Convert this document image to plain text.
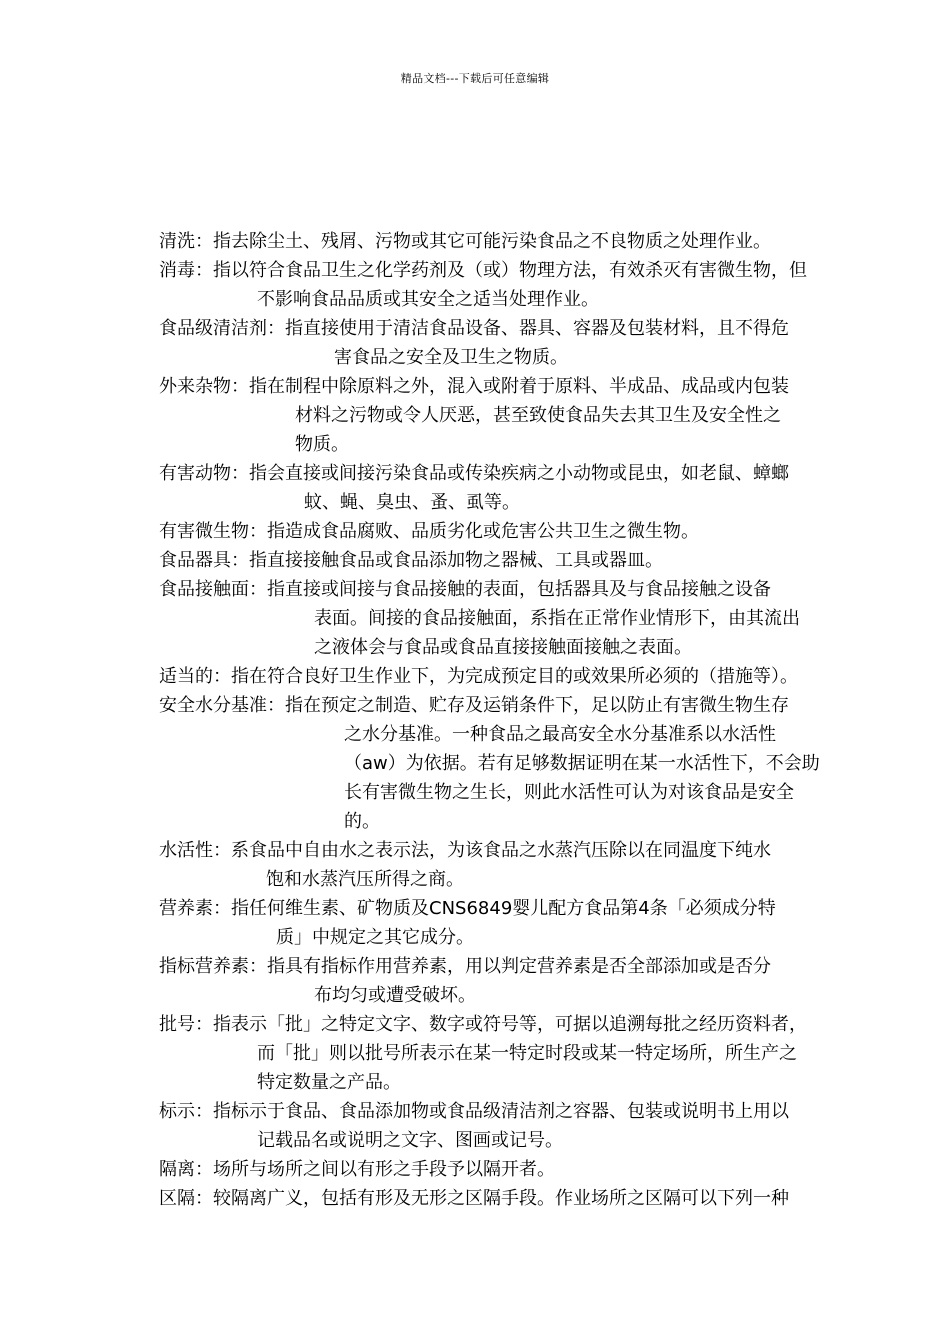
精品文档---下载后可任意编辑
清洗：指去除尘土、残屑、污物或其它可能污染食品之不良物质之处理作业。
消毒：指以符合食品卫生之化学药剂及（或）物理方法，有效杀灭有害微生物，但
不影响食品品质或其安全之适当处理作业。
食品级清洁剂：指直接使用于清洁食品设备、器具、容器及包装材料，且不得危
害食品之安全及卫生之物质。
外来杂物：指在制程中除原料之外，混入或附着于原料、半成品、成品或内包装
材料之污物或令人厌恶，甚至致使食品失去其卫生及安全性之
物质。
有害动物：指会直接或间接污染食品或传染疾病之小动物或昆虫，如老鼠、蟑螂
蚊、蝇、臭虫、蚤、虱等。
有害微生物：指造成食品腐败、品质劣化或危害公共卫生之微生物。
食品器具：指直接接触食品或食品添加物之器械、工具或器皿。
食品接触面：指直接或间接与食品接触的表面，包括器具及与食品接触之设备
表面。间接的食品接触面，系指在正常作业情形下，由其流出
之液体会与食品或食品直接接触面接触之表面。
适当的：指在符合良好卫生作业下，为完成预定目的或效果所必须的（措施等）。
安全水分基准：指在预定之制造、贮存及运销条件下，足以防止有害微生物生存
之水分基准。一种食品之最高安全水分基准系以水活性
（aw）为依据。若有足够数据证明在某一水活性下，不会助
长有害微生物之生长，则此水活性可认为对该食品是安全
的。
水活性：系食品中自由水之表示法，为该食品之水蒸汽压除以在同温度下纯水
饱和水蒸汽压所得之商。
营养素：指任何维生素、矿物质及CNS6849婴儿配方食品第4条「必须成分特
质」中规定之其它成分。
指标营养素：指具有指标作用营养素，用以判定营养素是否全部添加或是否分
布均匀或遭受破坏。
批号：指表示「批」之特定文字、数字或符号等，可据以追溯每批之经历资料者，
而「批」则以批号所表示在某一特定时段或某一特定场所，所生产之
特定数量之产品。
标示：指标示于食品、食品添加物或食品级清洁剂之容器、包装或说明书上用以
记载品名或说明之文字、图画或记号。
隔离：场所与场所之间以有形之手段予以隔开者。
区隔：较隔离广义，包括有形及无形之区隔手段。作业场所之区隔可以下列一种
